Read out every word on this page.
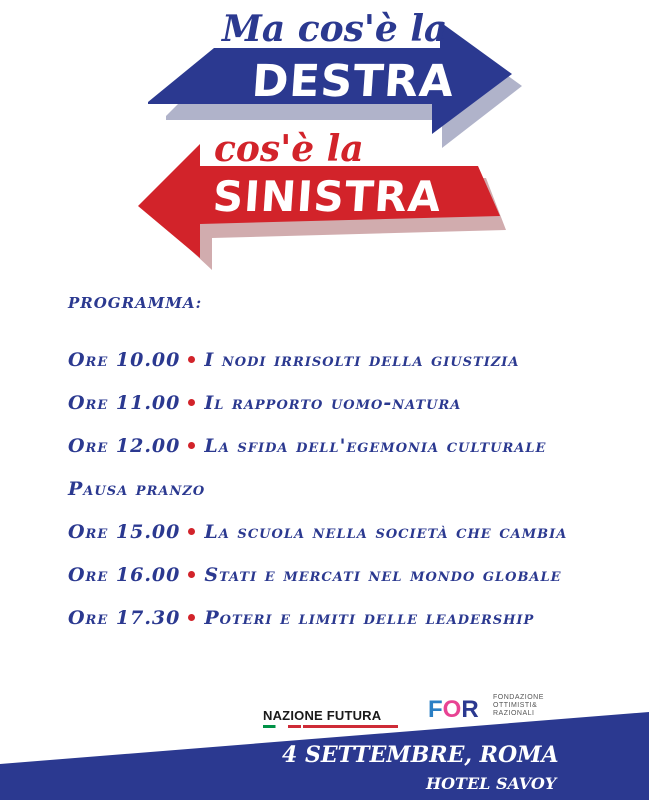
Ma cos'è la
DESTRA
cos'è la
SINISTRA
PROGRAMMA:
Ore 10.00 I nodi irrisolti della giustizia
Ore 11.00 Il rapporto uomo-natura
Ore 12.00 La sfida dell'egemonia culturale
Pausa pranzo
Ore 15.00 La scuola nella società che cambia
Ore 16.00 Stati e mercati nel mondo globale
Ore 17.30 Poteri e limiti delle leadership
NAZIONE FUTURA FOR FONDAZIONE
OTTIMISTI&
RAZIONALI
4 SETTEMBRE, ROMA
HOTEL SAVOY
